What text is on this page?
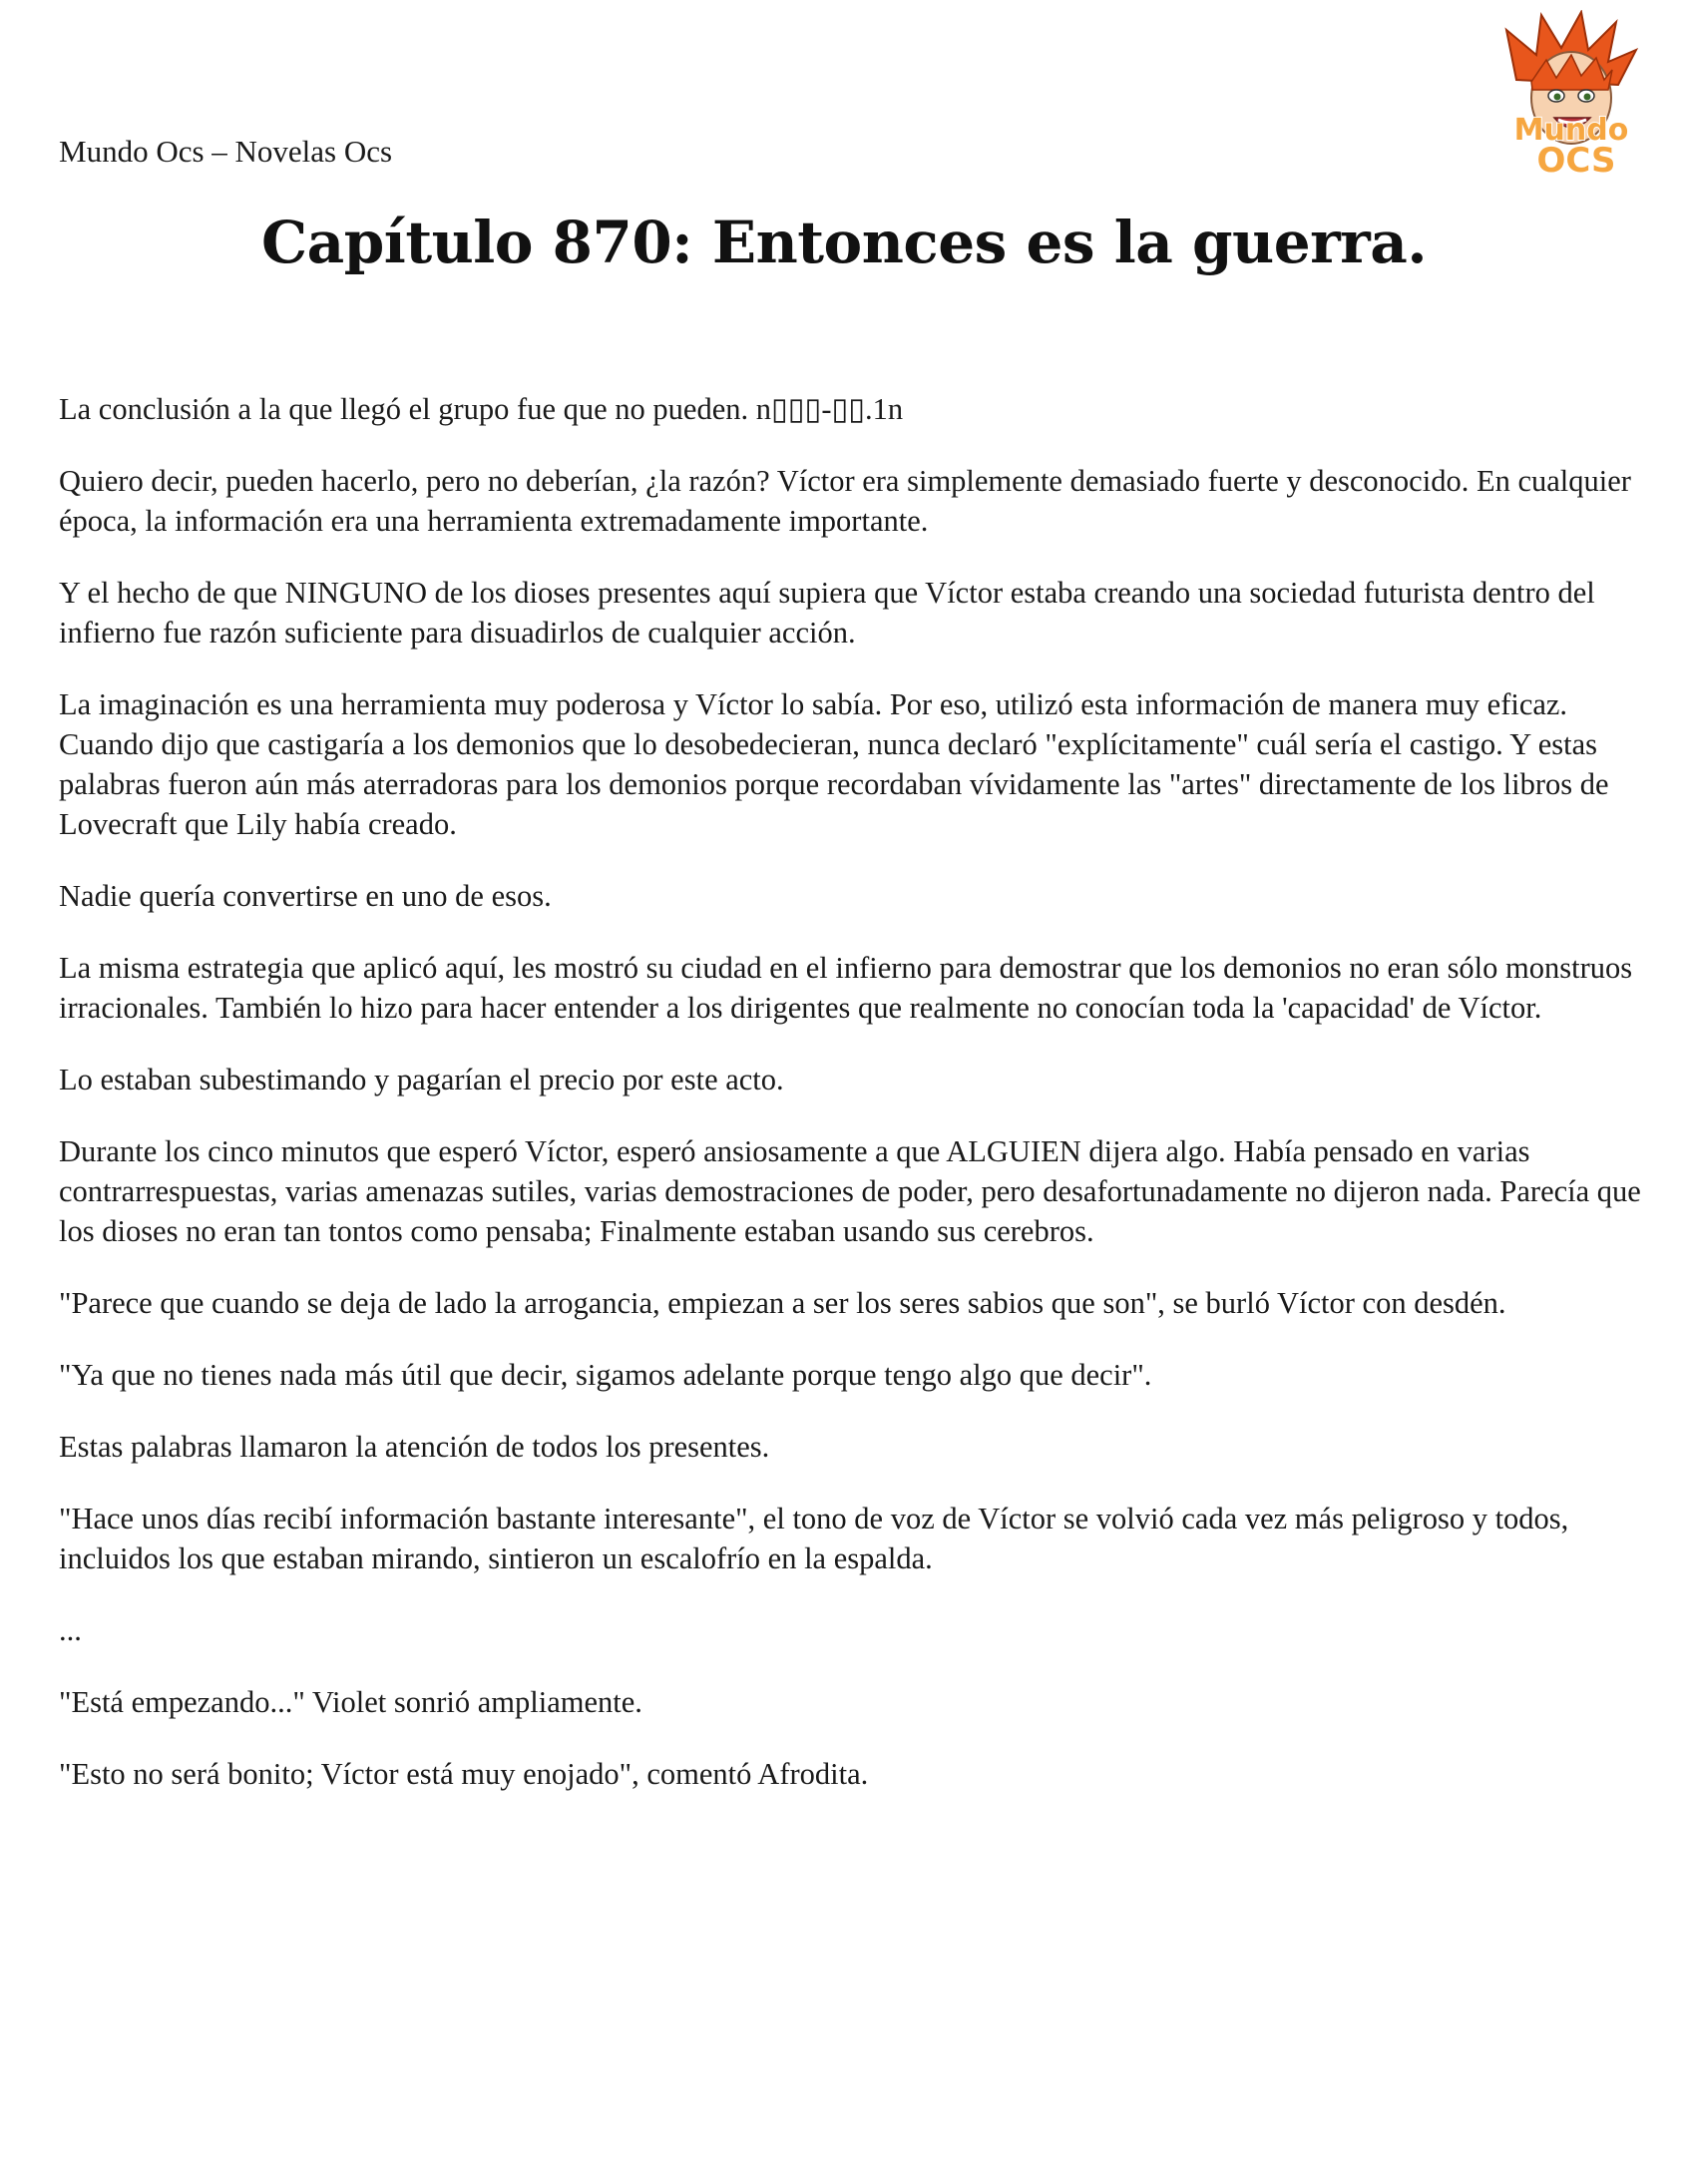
Mundo Ocs – Novelas Ocs
Mundo
OCS
Capítulo 870: Entonces es la guerra.

La conclusión a la que llegó el grupo fue que no pueden. n▯▯▯-▯▯.1n

Quiero decir, pueden hacerlo, pero no deberían, ¿la razón? Víctor era simplemente demasiado fuerte y desconocido. En cualquier época, la información era una herramienta extremadamente importante.

Y el hecho de que NINGUNO de los dioses presentes aquí supiera que Víctor estaba creando una sociedad futurista dentro del infierno fue razón suficiente para disuadirlos de cualquier acción.

La imaginación es una herramienta muy poderosa y Víctor lo sabía. Por eso, utilizó esta información de manera muy eficaz. Cuando dijo que castigaría a los demonios que lo desobedecieran, nunca declaró "explícitamente" cuál sería el castigo. Y estas palabras fueron aún más aterradoras para los demonios porque recordaban vívidamente las "artes" directamente de los libros de Lovecraft que Lily había creado.

Nadie quería convertirse en uno de esos.

La misma estrategia que aplicó aquí, les mostró su ciudad en el infierno para demostrar que los demonios no eran sólo monstruos irracionales. También lo hizo para hacer entender a los dirigentes que realmente no conocían toda la 'capacidad' de Víctor.

Lo estaban subestimando y pagarían el precio por este acto.

Durante los cinco minutos que esperó Víctor, esperó ansiosamente a que ALGUIEN dijera algo. Había pensado en varias contrarrespuestas, varias amenazas sutiles, varias demostraciones de poder, pero desafortunadamente no dijeron nada. Parecía que los dioses no eran tan tontos como pensaba; Finalmente estaban usando sus cerebros.

"Parece que cuando se deja de lado la arrogancia, empiezan a ser los seres sabios que son", se burló Víctor con desdén.

"Ya que no tienes nada más útil que decir, sigamos adelante porque tengo algo que decir".

Estas palabras llamaron la atención de todos los presentes.

"Hace unos días recibí información bastante interesante", el tono de voz de Víctor se volvió cada vez más peligroso y todos, incluidos los que estaban mirando, sintieron un escalofrío en la espalda.

...

"Está empezando..." Violet sonrió ampliamente.

"Esto no será bonito; Víctor está muy enojado", comentó Afrodita.
